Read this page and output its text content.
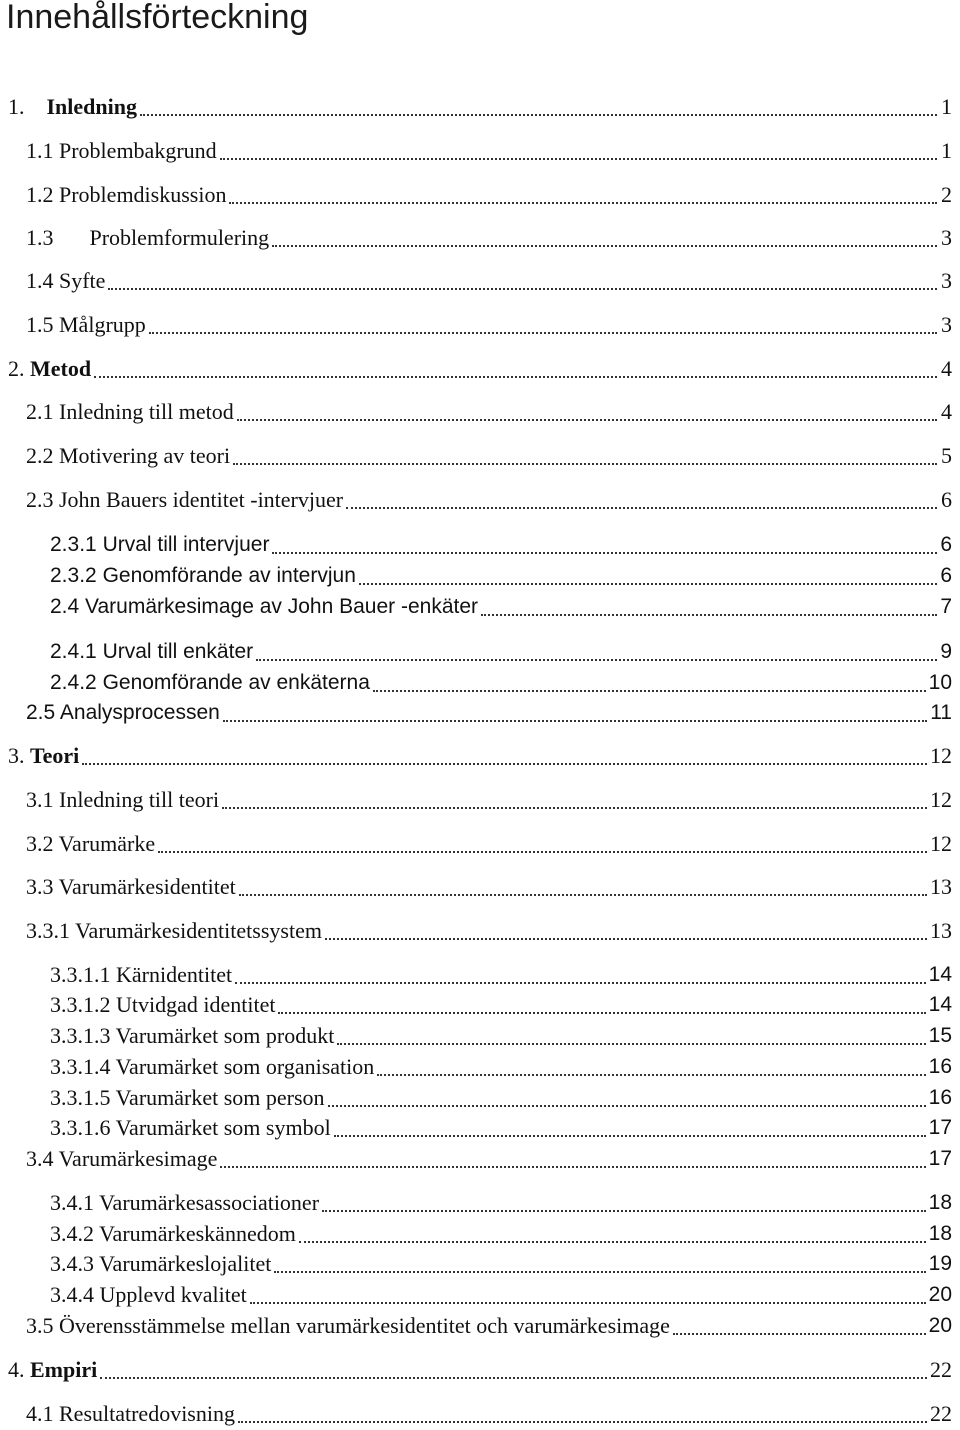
Innehållsförteckning
1. Inledning	1
1.1 Problembakgrund	1
1.2 Problemdiskussion	2
1.3 Problemformulering	3
1.4 Syfte	3
1.5 Målgrupp	3
2. Metod	4
2.1 Inledning till metod	4
2.2 Motivering av teori	5
2.3 John Bauers identitet -intervjuer	6
2.3.1 Urval till intervjuer	6
2.3.2 Genomförande av intervjun	6
2.4 Varumärkesimage av John Bauer -enkäter	7
2.4.1 Urval till enkäter	9
2.4.2 Genomförande av enkäterna	10
2.5 Analysprocessen	11
3. Teori	12
3.1 Inledning till teori	12
3.2 Varumärke	12
3.3 Varumärkesidentitet	13
3.3.1 Varumärkesidentitetssystem	13
3.3.1.1 Kärnidentitet	14
3.3.1.2 Utvidgad identitet	14
3.3.1.3 Varumärket som produkt	15
3.3.1.4 Varumärket som organisation	16
3.3.1.5 Varumärket som person	16
3.3.1.6 Varumärket som symbol	17
3.4 Varumärkesimage	17
3.4.1 Varumärkesassociationer	18
3.4.2 Varumärkeskännedom	18
3.4.3 Varumärkeslojalitet	19
3.4.4 Upplevd kvalitet	20
3.5 Överensstämmelse mellan varumärkesidentitet och varumärkesimage	20
4. Empiri	22
4.1 Resultatredovisning	22
